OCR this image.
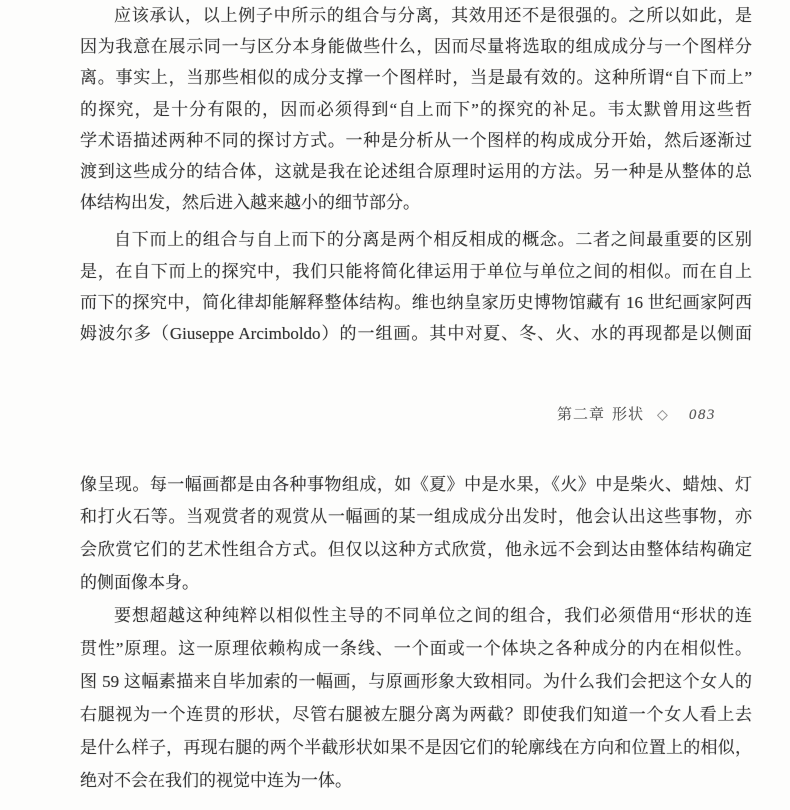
应该承认，以上例子中所示的组合与分离，其效用还不是很强的。之所以如此，是
因为我意在展示同一与区分本身能做些什么，因而尽量将选取的组成成分与一个图样分
离。事实上，当那些相似的成分支撑一个图样时，当是最有效的。这种所谓“自下而上”
的探究，是十分有限的，因而必须得到“自上而下”的探究的补足。韦太默曾用这些哲
学术语描述两种不同的探讨方式。一种是分析从一个图样的构成成分开始，然后逐渐过
渡到这些成分的结合体，这就是我在论述组合原理时运用的方法。另一种是从整体的总
体结构出发，然后进入越来越小的细节部分。
自下而上的组合与自上而下的分离是两个相反相成的概念。二者之间最重要的区别
是，在自下而上的探究中，我们只能将简化律运用于单位与单位之间的相似。而在自上
而下的探究中，简化律却能解释整体结构。维也纳皇家历史博物馆藏有 16 世纪画家阿西
姆波尔多（Giuseppe Arcimboldo）的一组画。其中对夏、冬、火、水的再现都是以侧面
第二章 形状 ◇ 083
像呈现。每一幅画都是由各种事物组成，如《夏》中是水果，《火》中是柴火、蜡烛、灯
和打火石等。当观赏者的观赏从一幅画的某一组成成分出发时，他会认出这些事物，亦
会欣赏它们的艺术性组合方式。但仅以这种方式欣赏，他永远不会到达由整体结构确定
的侧面像本身。
要想超越这种纯粹以相似性主导的不同单位之间的组合，我们必须借用“形状的连
贯性”原理。这一原理依赖构成一条线、一个面或一个体块之各种成分的内在相似性。
图 59 这幅素描来自毕加索的一幅画，与原画形象大致相同。为什么我们会把这个女人的
右腿视为一个连贯的形状，尽管右腿被左腿分离为两截？即使我们知道一个女人看上去
是什么样子，再现右腿的两个半截形状如果不是因它们的轮廓线在方向和位置上的相似，
绝对不会在我们的视觉中连为一体。
